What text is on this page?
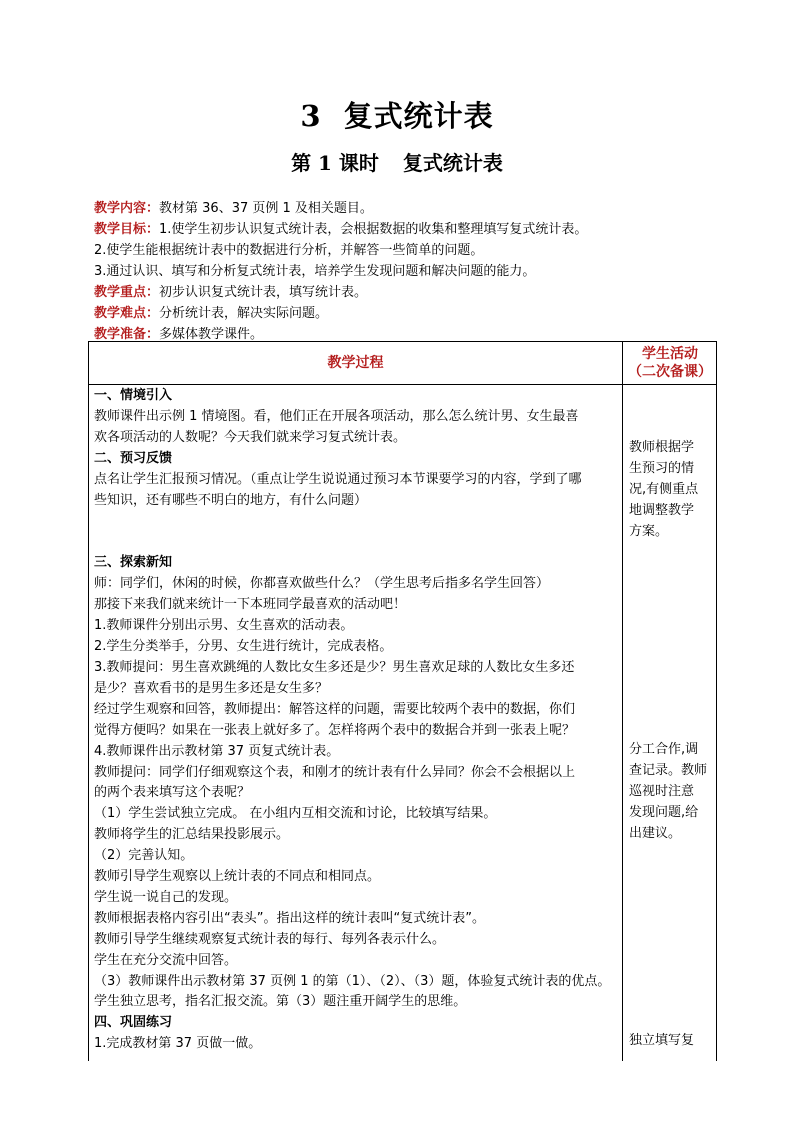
3 复式统计表
第 1 课时 复式统计表
教学内容：教材第 36、37 页例 1 及相关题目。
教学目标：1.使学生初步认识复式统计表，会根据数据的收集和整理填写复式统计表。
2.使学生能根据统计表中的数据进行分析，并解答一些简单的问题。
3.通过认识、填写和分析复式统计表，培养学生发现问题和解决问题的能力。
教学重点：初步认识复式统计表，填写统计表。
教学难点：分析统计表，解决实际问题。
教学准备：多媒体教学课件。
教学过程
学生活动
（二次备课）

一、情境引入

教师课件出示例 1 情境图。看，他们正在开展各项活动，那么怎么统计男、女生最喜

欢各项活动的人数呢？今天我们就来学习复式统计表。

二、预习反馈

点名让学生汇报预习情况。（重点让学生说说通过预习本节课要学习的内容，学到了哪

些知识，还有哪些不明白的地方，有什么问题）

三、探索新知

师：同学们，休闲的时候，你都喜欢做些什么？（学生思考后指多名学生回答）

那接下来我们就来统计一下本班同学最喜欢的活动吧！

1.教师课件分别出示男、女生喜欢的活动表。

2.学生分类举手，分男、女生进行统计，完成表格。

3.教师提问：男生喜欢跳绳的人数比女生多还是少？男生喜欢足球的人数比女生多还

是少？喜欢看书的是男生多还是女生多？

经过学生观察和回答，教师提出：解答这样的问题，需要比较两个表中的数据，你们

觉得方便吗？如果在一张表上就好多了。怎样将两个表中的数据合并到一张表上呢？

4.教师课件出示教材第 37 页复式统计表。

教师提问：同学们仔细观察这个表，和刚才的统计表有什么异同？你会不会根据以上

的两个表来填写这个表呢？

（1）学生尝试独立完成。 在小组内互相交流和讨论，比较填写结果。

教师将学生的汇总结果投影展示。

（2）完善认知。

教师引导学生观察以上统计表的不同点和相同点。

学生说一说自己的发现。

教师根据表格内容引出“表头”。指出这样的统计表叫“复式统计表”。

教师引导学生继续观察复式统计表的每行、每列各表示什么。

学生在充分交流中回答。

（3）教师课件出示教材第 37 页例 1 的第（1）、（2）、（3）题，体验复式统计表的优点。

学生独立思考，指名汇报交流。第（3）题注重开阔学生的思维。

四、巩固练习

1.完成教材第 37 页做一做。

教师根据学

生预习的情

况,有侧重点

地调整教学

方案。

分工合作,调

查记录。教师

巡视时注意

发现问题,给

出建议。

独立填写复
